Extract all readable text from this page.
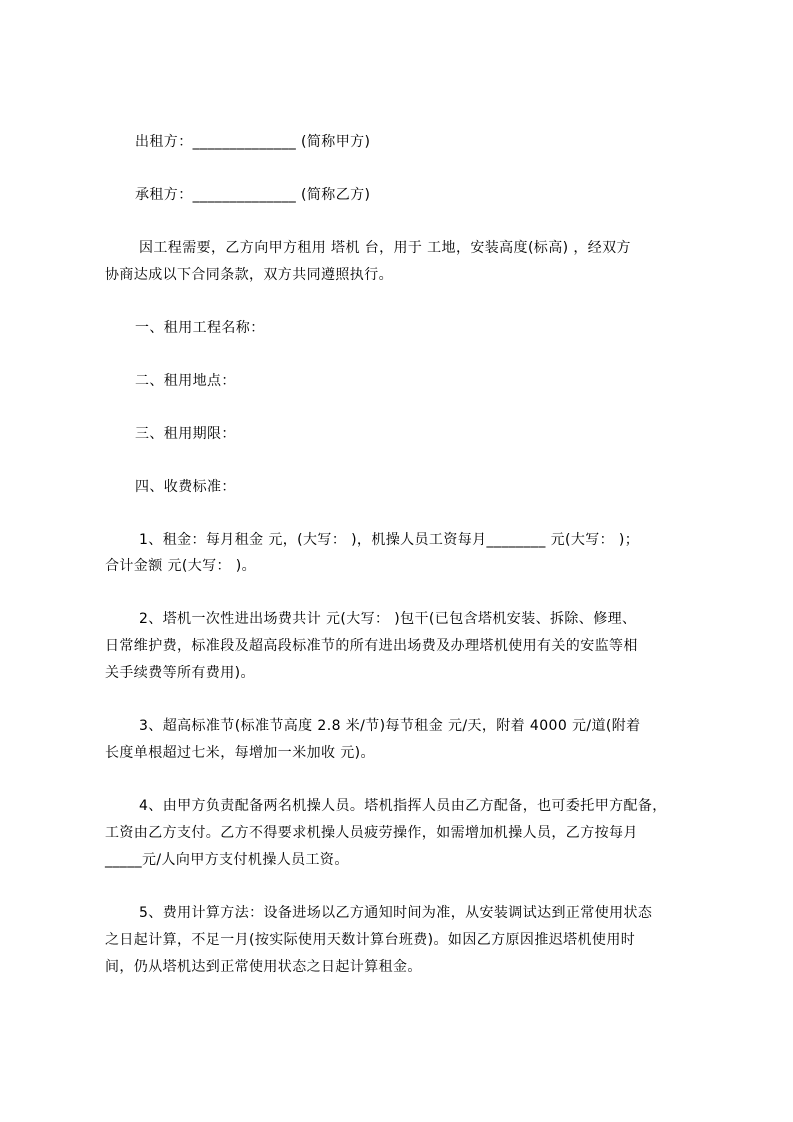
出租方：______________ (简称甲方)
承租方：______________ (简称乙方)
因工程需要，乙方向甲方租用 塔机 台，用于 工地，安装高度(标高) ，经双方
协商达成以下合同条款，双方共同遵照执行。
一、租用工程名称：
二、租用地点：
三、租用期限：
四、收费标准：
1、租金：每月租金 元，(大写： )，机操人员工资每月________ 元(大写： )；
合计金额 元(大写： )。
2、塔机一次性进出场费共计 元(大写： )包干(已包含塔机安装、拆除、修理、
日常维护费，标准段及超高段标准节的所有进出场费及办理塔机使用有关的安监等相
关手续费等所有费用)。
3、超高标准节(标准节高度 2.8 米/节)每节租金 元/天，附着 4000 元/道(附着
长度单根超过七米，每增加一米加收 元)。
4、由甲方负责配备两名机操人员。塔机指挥人员由乙方配备，也可委托甲方配备，
工资由乙方支付。乙方不得要求机操人员疲劳操作，如需增加机操人员，乙方按每月
_____元/人向甲方支付机操人员工资。
5、费用计算方法：设备进场以乙方通知时间为准，从安装调试达到正常使用状态
之日起计算，不足一月(按实际使用天数计算台班费)。如因乙方原因推迟塔机使用时
间，仍从塔机达到正常使用状态之日起计算租金。
